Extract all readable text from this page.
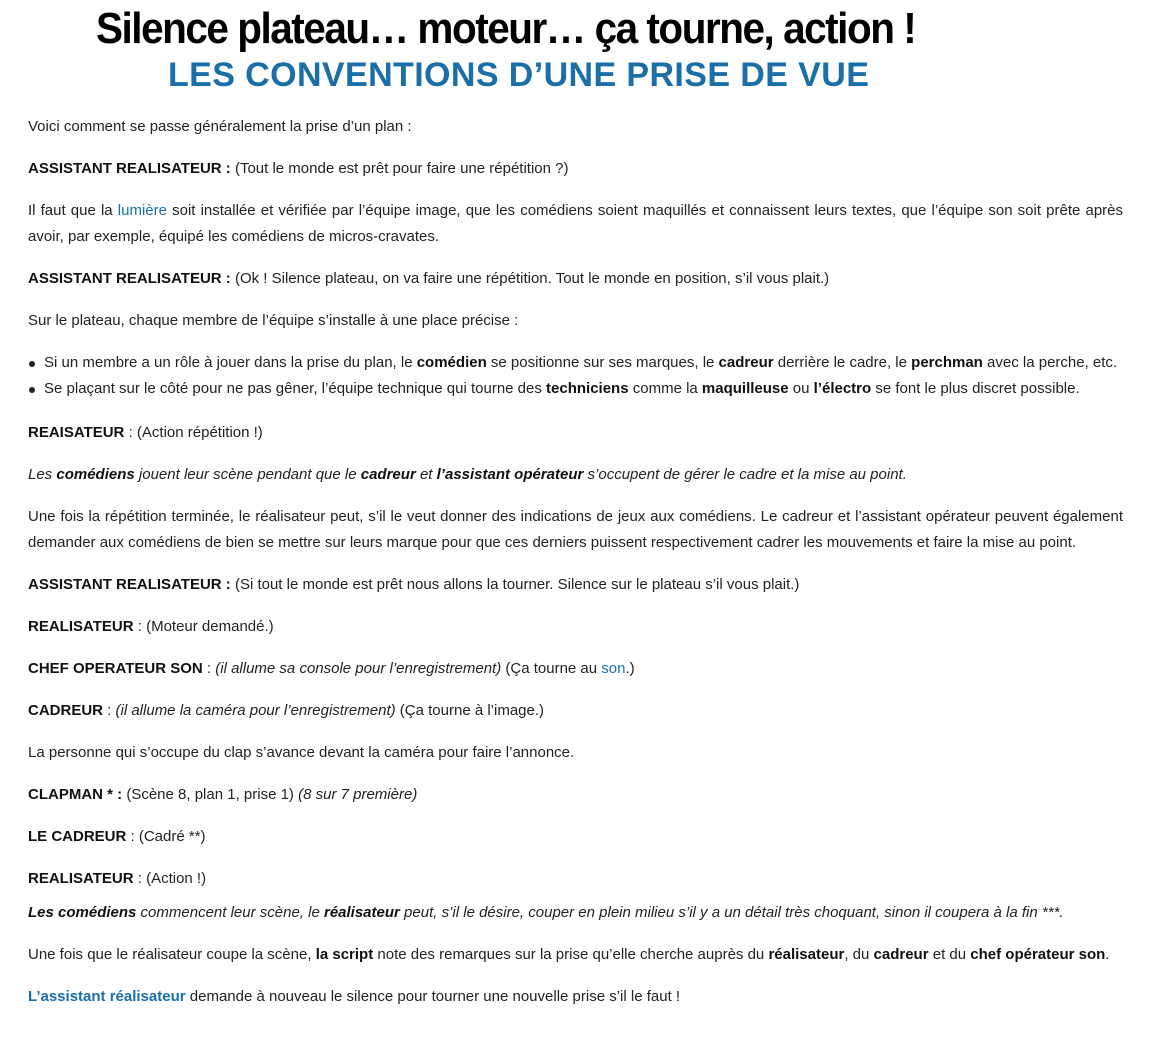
Silence plateau… moteur… ça tourne, action !
LES CONVENTIONS D’UNE PRISE DE VUE

Voici comment se passe généralement la prise d’un plan :

ASSISTANT REALISATEUR : (Tout le monde est prêt pour faire une répétition ?)

Il faut que la lumière soit installée et vérifiée par l’équipe image, que les comédiens soient maquillés et connaissent leurs textes, que l’équipe son soit prête après avoir, par exemple, équipé les comédiens de micros-cravates.

ASSISTANT REALISATEUR : (Ok ! Silence plateau, on va faire une répétition. Tout le monde en position, s’il vous plait.)

Sur le plateau, chaque membre de l’équipe s’installe à une place précise :

Si un membre a un rôle à jouer dans la prise du plan, le comédien se positionne sur ses marques, le cadreur derrière le cadre, le perchman avec la perche, etc.
Se plaçant sur le côté pour ne pas gêner, l’équipe technique qui tourne des techniciens comme la maquilleuse ou l’électro se font le plus discret possible.

REAISATEUR : (Action répétition !)

Les comédiens jouent leur scène pendant que le cadreur et l’assistant opérateur s’occupent de gérer le cadre et la mise au point.

Une fois la répétition terminée, le réalisateur peut, s’il le veut donner des indications de jeux aux comédiens. Le cadreur et l’assistant opérateur peuvent également demander aux comédiens de bien se mettre sur leurs marque pour que ces derniers puissent respectivement cadrer les mouvements et faire la mise au point.

ASSISTANT REALISATEUR : (Si tout le monde est prêt nous allons la tourner. Silence sur le plateau s’il vous plait.)

REALISATEUR : (Moteur demandé.)

CHEF OPERATEUR SON : (il allume sa console pour l’enregistrement) (Ça tourne au son.)

CADREUR : (il allume la caméra pour l’enregistrement) (Ça tourne à l’image.)

La personne qui s’occupe du clap s’avance devant la caméra pour faire l’annonce.

CLAPMAN * : (Scène 8, plan 1, prise 1) (8 sur 7 première)

LE CADREUR : (Cadré **)

REALISATEUR : (Action !)

Les comédiens commencent leur scène, le réalisateur peut, s’il le désire, couper en plein milieu s’il y a un détail très choquant, sinon il coupera à la fin ***.

Une fois que le réalisateur coupe la scène, la script note des remarques sur la prise qu’elle cherche auprès du réalisateur, du cadreur et du chef opérateur son.

L’assistant réalisateur demande à nouveau le silence pour tourner une nouvelle prise s’il le faut !
